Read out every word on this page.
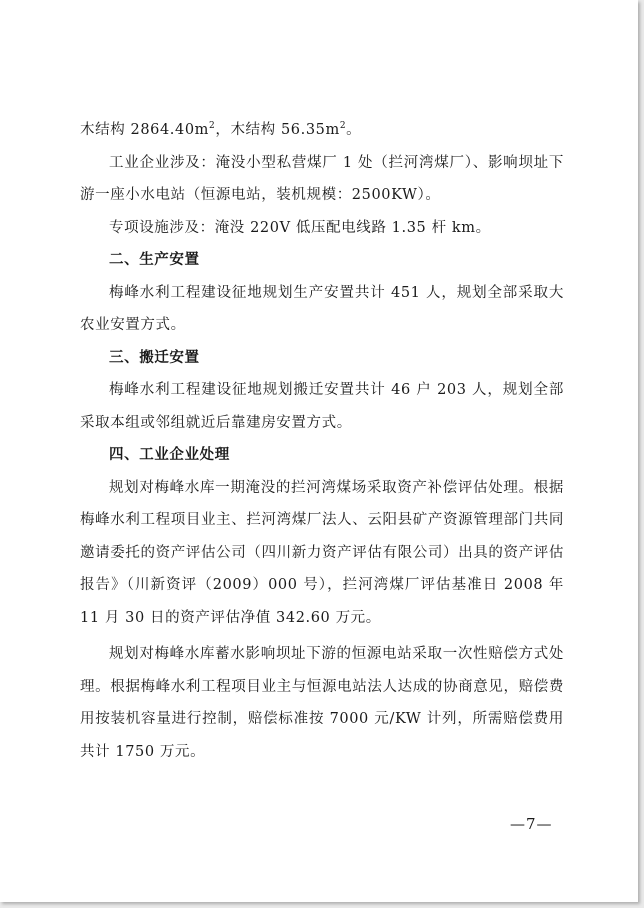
木结构 $2864.40m^2$，木结构 $56.35m^2$。

工业企业涉及：淹没小型私营煤厂 1 处（拦河湾煤厂）、影响坝址下游一座小水电站（恒源电站，装机规模：2500KW）。

专项设施涉及：淹没 220V 低压配电线路 1.35 杆 km。

二、生产安置

梅峰水利工程建设征地规划生产安置共计 451 人，规划全部采取大农业安置方式。

三、搬迁安置

梅峰水利工程建设征地规划搬迁安置共计 46 户 203 人，规划全部采取本组或邻组就近后靠建房安置方式。

四、工业企业处理

规划对梅峰水库一期淹没的拦河湾煤场采取资产补偿评估处理。根据梅峰水利工程项目业主、拦河湾煤厂法人、云阳县矿产资源管理部门共同邀请委托的资产评估公司（四川新力资产评估有限公司）出具的资产评估报告》（川新资评（2009）000 号），拦河湾煤厂评估基准日 2008 年 11 月 30 日的资产评估净值 342.60 万元。

规划对梅峰水库蓄水影响坝址下游的恒源电站采取一次性赔偿方式处理。根据梅峰水利工程项目业主与恒源电站法人达成的协商意见，赔偿费用按装机容量进行控制，赔偿标准按 7000 元/KW 计列，所需赔偿费用共计 1750 万元。

—7—
